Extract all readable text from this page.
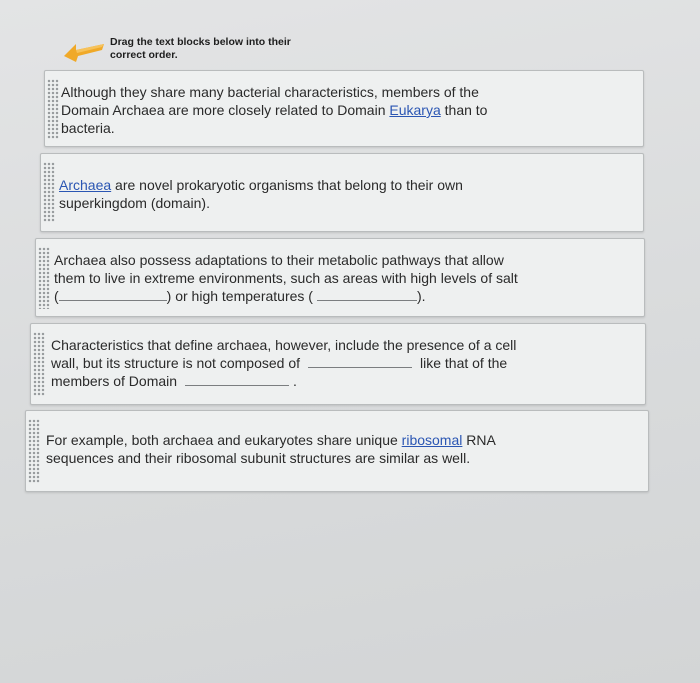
Drag the text blocks below into their
correct order.
Although they share many bacterial characteristics, members of the
Domain Archaea are more closely related to Domain Eukarya than to
bacteria.
Archaea are novel prokaryotic organisms that belong to their own
superkingdom (domain).
Archaea also possess adaptations to their metabolic pathways that allow
them to live in extreme environments, such as areas with high levels of salt
(	) or high temperatures (	).
Characteristics that define archaea, however, include the presence of a cell
wall, but its structure is not composed of	like that of the
members of Domain	.
For example, both archaea and eukaryotes share unique ribosomal RNA
sequences and their ribosomal subunit structures are similar as well.
